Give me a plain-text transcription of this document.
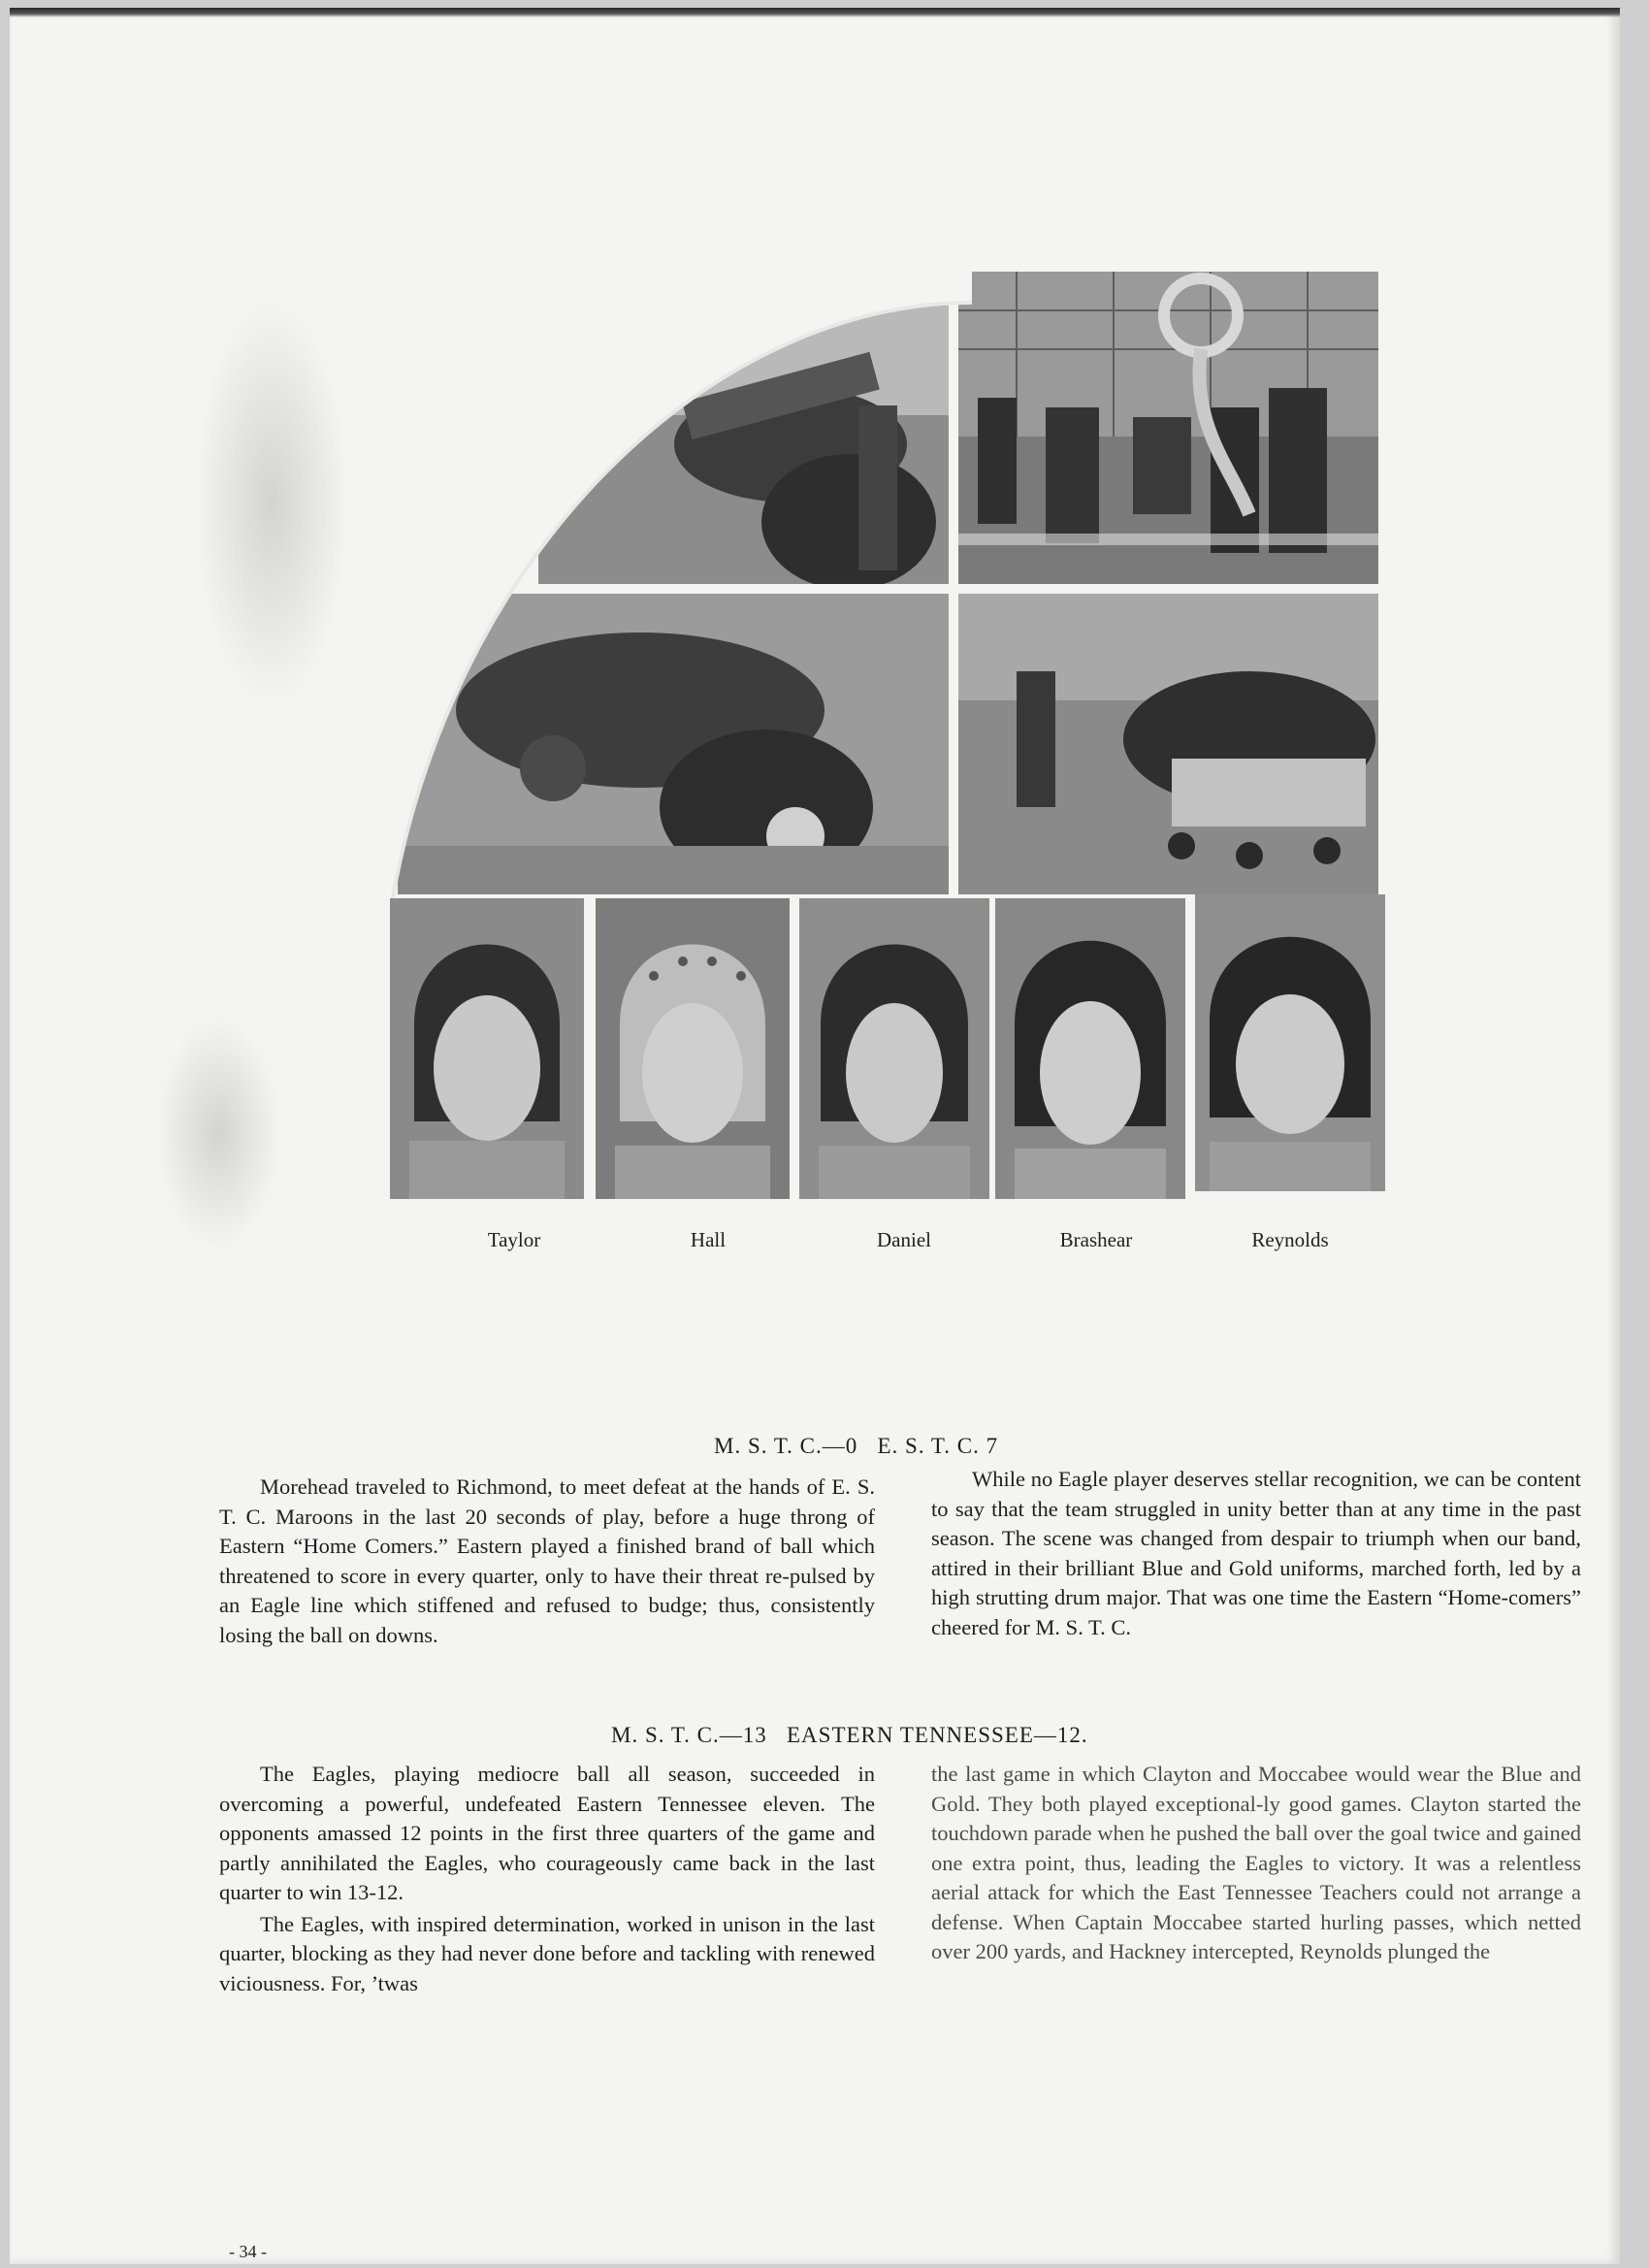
Taylor	Hall	Daniel	Brashear	Reynolds
M. S. T. C.—0   E. S. T. C. 7

Morehead traveled to Richmond, to meet defeat at the hands of E. S. T. C. Maroons in the last 20 seconds of play, before a huge throng of Eastern “Home Comers.” Eastern played a finished brand of ball which threatened to score in every quarter, only to have their threat re-pulsed by an Eagle line which stiffened and refused to budge; thus, consistently losing the ball on downs.

While no Eagle player deserves stellar recognition, we can be content to say that the team struggled in unity better than at any time in the past season. The scene was changed from despair to triumph when our band, attired in their brilliant Blue and Gold uniforms, marched forth, led by a high strutting drum major. That was one time the Eastern “Home-comers” cheered for M. S. T. C.

M. S. T. C.—13   EASTERN TENNESSEE—12.

The Eagles, playing mediocre ball all season, succeeded in overcoming a powerful, undefeated Eastern Tennessee eleven. The opponents amassed 12 points in the first three quarters of the game and partly annihilated the Eagles, who courageously came back in the last quarter to win 13-12.

The Eagles, with inspired determination, worked in unison in the last quarter, blocking as they had never done before and tackling with renewed viciousness. For, ’twas

the last game in which Clayton and Moccabee would wear the Blue and Gold. They both played exceptional-ly good games. Clayton started the touchdown parade when he pushed the ball over the goal twice and gained one extra point, thus, leading the Eagles to victory. It was a relentless aerial attack for which the East Tennessee Teachers could not arrange a defense. When Captain Moccabee started hurling passes, which netted over 200 yards, and Hackney intercepted, Reynolds plunged the

- 34 -
